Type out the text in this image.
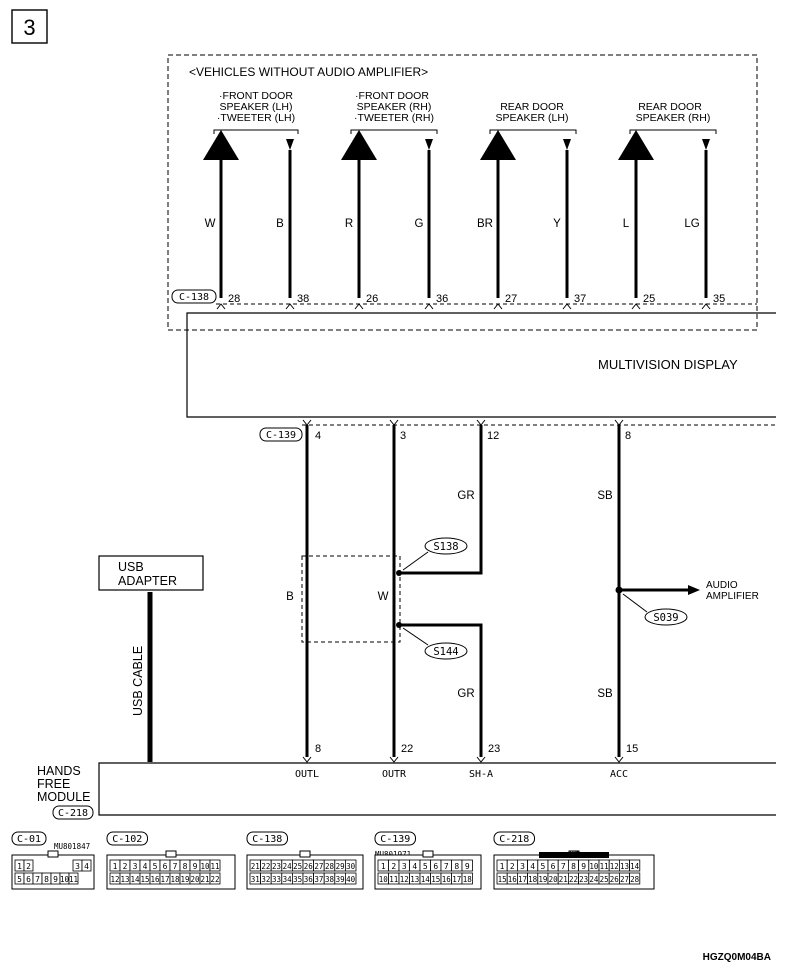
3
<VEHICLES WITHOUT AUDIO AMPLIFIER>
·FRONT DOOR
SPEAKER (LH)
·TWEETER (LH)
·FRONT DOOR
SPEAKER (RH)
·TWEETER (RH)
REAR DOOR
SPEAKER (LH)
REAR DOOR
SPEAKER (RH)
W	B	R	G	BR	Y	L	LG
C-138 28	38	26	36	27	37	25	35
MULTIVISION DISPLAY
C-139 4	3	12	8
S138
S144
S039
B	W
GR
GR
SB
SB
AUDIO
AMPLIFIER
8	22	23	15
USB
ADAPTER
USB CABLE
HANDS
FREE
MODULE
C-218
OUTL	OUTR	SH-A	ACC
C-01
MU801847
1 2	3 4
5 6 7 8 9 10 11
C-102
1 2 3 4 5 6 7 8 9 10 11
12 13 14 15 16 17 18 19 20 21 22
C-138
21 22 23 24 25 26 27 28 29 30
31 32 33 34 35 36 37 38 39 40
C-139
1 2 3 4 5 6 7 8 9
10 11 12 13 14 15 16 17 18
C-218
AMP
1 2 3 4 5 6 7 8 9 10 11 12 13 14
15 16 17 18 19 20 21 22 23 24 25 26 27 28
HGZQ0M04BA
